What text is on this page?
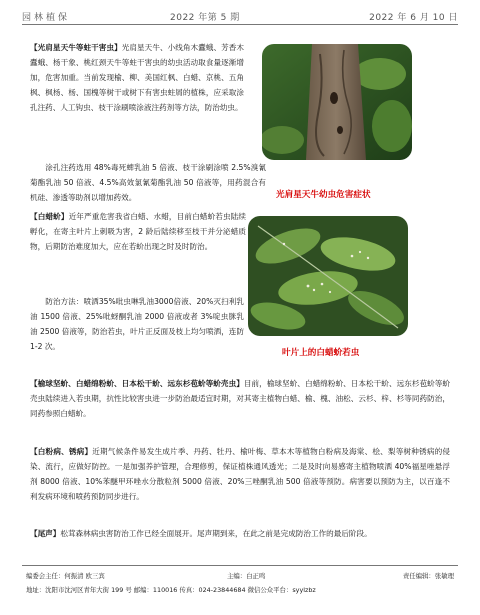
园林植保	2022 年第 5 期	2022 年 6 月 10 日

【光肩星天牛等蛀干害虫】光肩星天牛、小线角木蠹蛾、芳香木蠹蛾、杨干象、桃红颈天牛等蛀干害虫的幼虫活动取食量逐渐增加，危害加重。当前发现榆、柳、美国红枫、白蜡、京桃、五角枫、枫杨、杨、国槐等树干或树下有害虫蛀屑的植株，应采取涂孔注药、人工钩虫、枝干涂刷喷涂液注药剂等方法，防治幼虫。

涂孔注药选用 48%毒死蜱乳油 5 倍液、枝干涂刷涂喷 2.5%溴氰菊酯乳油 50 倍液、4.5%高效氯氰菊酯乳油 50 倍液等，用药混合有机硅、渗透等助剂以增加药效。	光肩星天牛幼虫危害症状

【白蜡蚧】近年严重危害我省白蜡、水蜡，目前白蜡蚧若虫陆续孵化，在寄主叶片上刺吸为害，2 龄后陆续移至枝干并分泌蜡质物，后期防治难度加大，应在若蚧出现之时及时防治。

防治方法：喷洒35%吡虫啉乳油3000倍液、20%灭扫利乳油 1500 倍液、25%吡蚜酮乳油 2000 倍液或者 3%啶虫脒乳油 2500 倍液等，防治若虫，叶片正反面及枝上均匀喷洒，连防 1-2 次。

叶片上的白蜡蚧若虫

【榆球坚蚧、白蜡绵粉蚧、日本松干蚧、远东杉苞蚧等蚧壳虫】目前，榆球坚蚧、白蜡绵粉蚧、日本松干蚧、远东杉苞蚧等蚧壳虫陆续进入若虫期，抗性比较害虫进一步防治最适宜时期，对其寄主植物白蜡、榆、槐、油松、云杉、梓、杉等同药防治，同药参照白蜡蚧。

【白粉病、锈病】近期气候条件易发生成片季、丹药、牡丹、榆叶梅、草本木等植物白粉病及海棠、桧、梨等树种锈病的侵染、流行，应做好防控。一是加强养护管理，合理修剪，保证植株通风透光；二是及时向易感寄主植物喷洒 40%福星唑悬浮剂 8000 倍液、10%苯醚甲环唑水分散粒剂 5000 倍液、20%三唑酮乳油 500 倍液等预防。病害要以预防为主，以百逢不利发病环境和喷药预防同步进行。

【尾声】松茸森林病虫害防治工作已经全面展开。尾声期到来，在此之前是完成防治工作的最后阶段。

编委会主任：何振清 欧三宾	主编：白正鸣	责任编辑：张敏理
地址：沈阳市沈河区青年大街 199 号 邮编：110016 传真：024-23844684 微信公众平台：syylzbz
